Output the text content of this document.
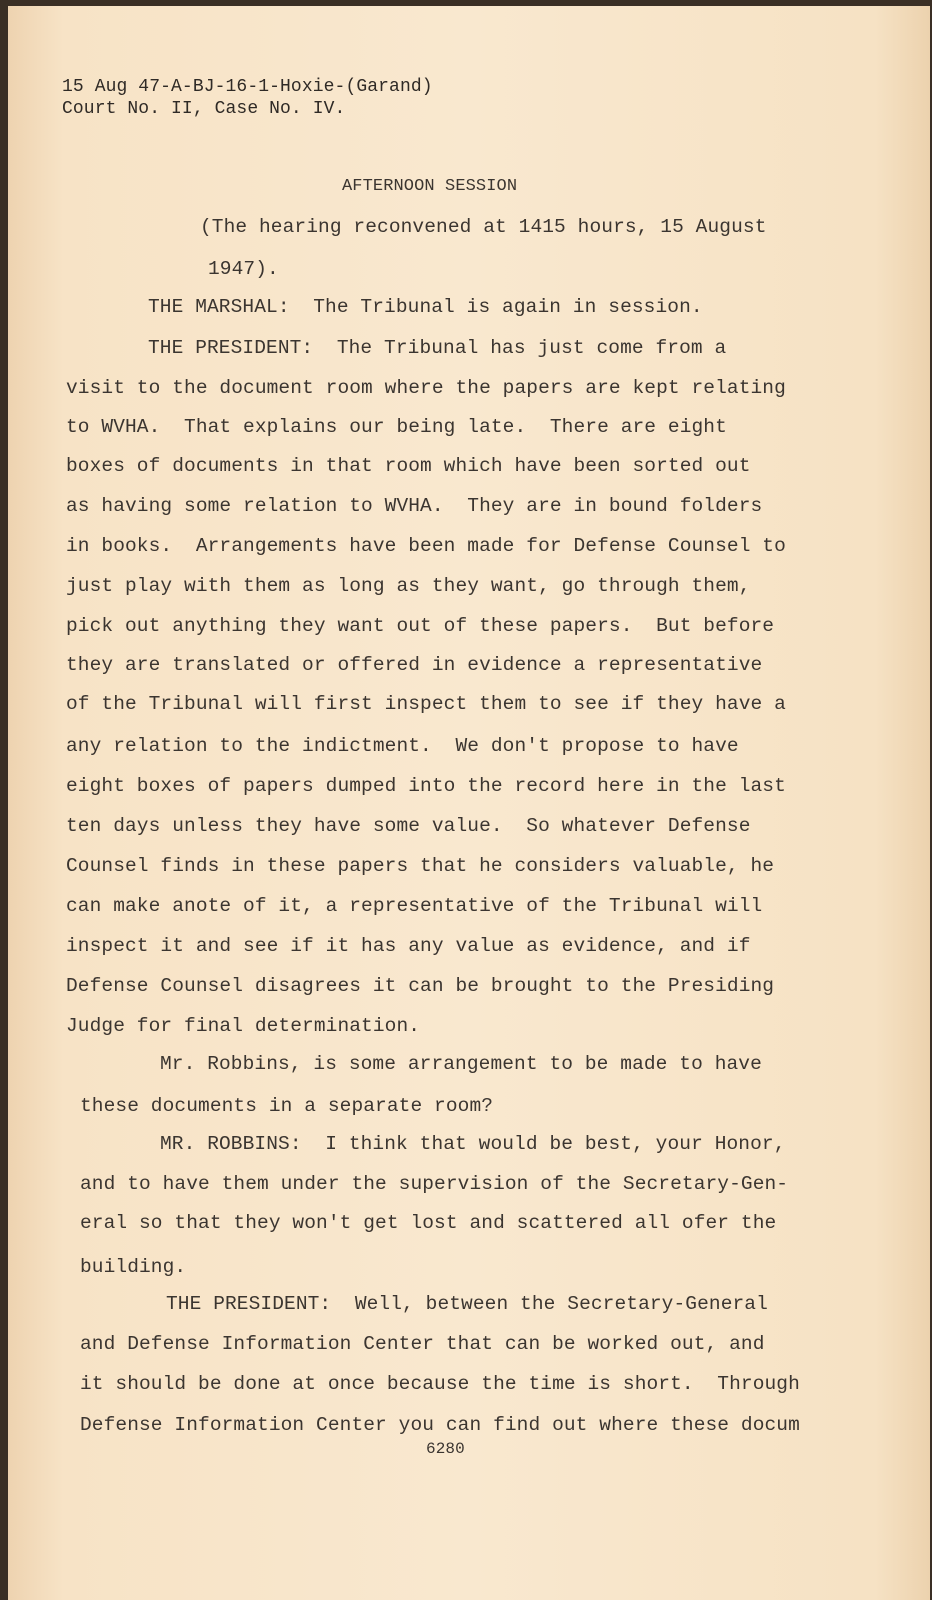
15 Aug 47-A-BJ-16-1-Hoxie-(Garand)
Court No. II, Case No. IV.
AFTERNOON SESSION
(The hearing reconvened at 1415 hours, 15 August
1947).
THE MARSHAL:  The Tribunal is again in session.
THE PRESIDENT:  The Tribunal has just come from a
visit to the document room where the papers are kept relating
to WVHA.  That explains our being late.  There are eight
boxes of documents in that room which have been sorted out
as having some relation to WVHA.  They are in bound folders
in books.  Arrangements have been made for Defense Counsel to
just play with them as long as they want, go through them,
pick out anything they want out of these papers.  But before
they are translated or offered in evidence a representative
of the Tribunal will first inspect them to see if they have a
any relation to the indictment.  We don't propose to have
eight boxes of papers dumped into the record here in the last
ten days unless they have some value.  So whatever Defense
Counsel finds in these papers that he considers valuable, he
can make anote of it, a representative of the Tribunal will
inspect it and see if it has any value as evidence, and if
Defense Counsel disagrees it can be brought to the Presiding
Judge for final determination.
Mr. Robbins, is some arrangement to be made to have
these documents in a separate room?
MR. ROBBINS:  I think that would be best, your Honor,
and to have them under the supervision of the Secretary-Gen-
eral so that they won't get lost and scattered all ofer the
building.
THE PRESIDENT:  Well, between the Secretary-General
and Defense Information Center that can be worked out, and
it should be done at once because the time is short.  Through
Defense Information Center you can find out where these docum
6280
